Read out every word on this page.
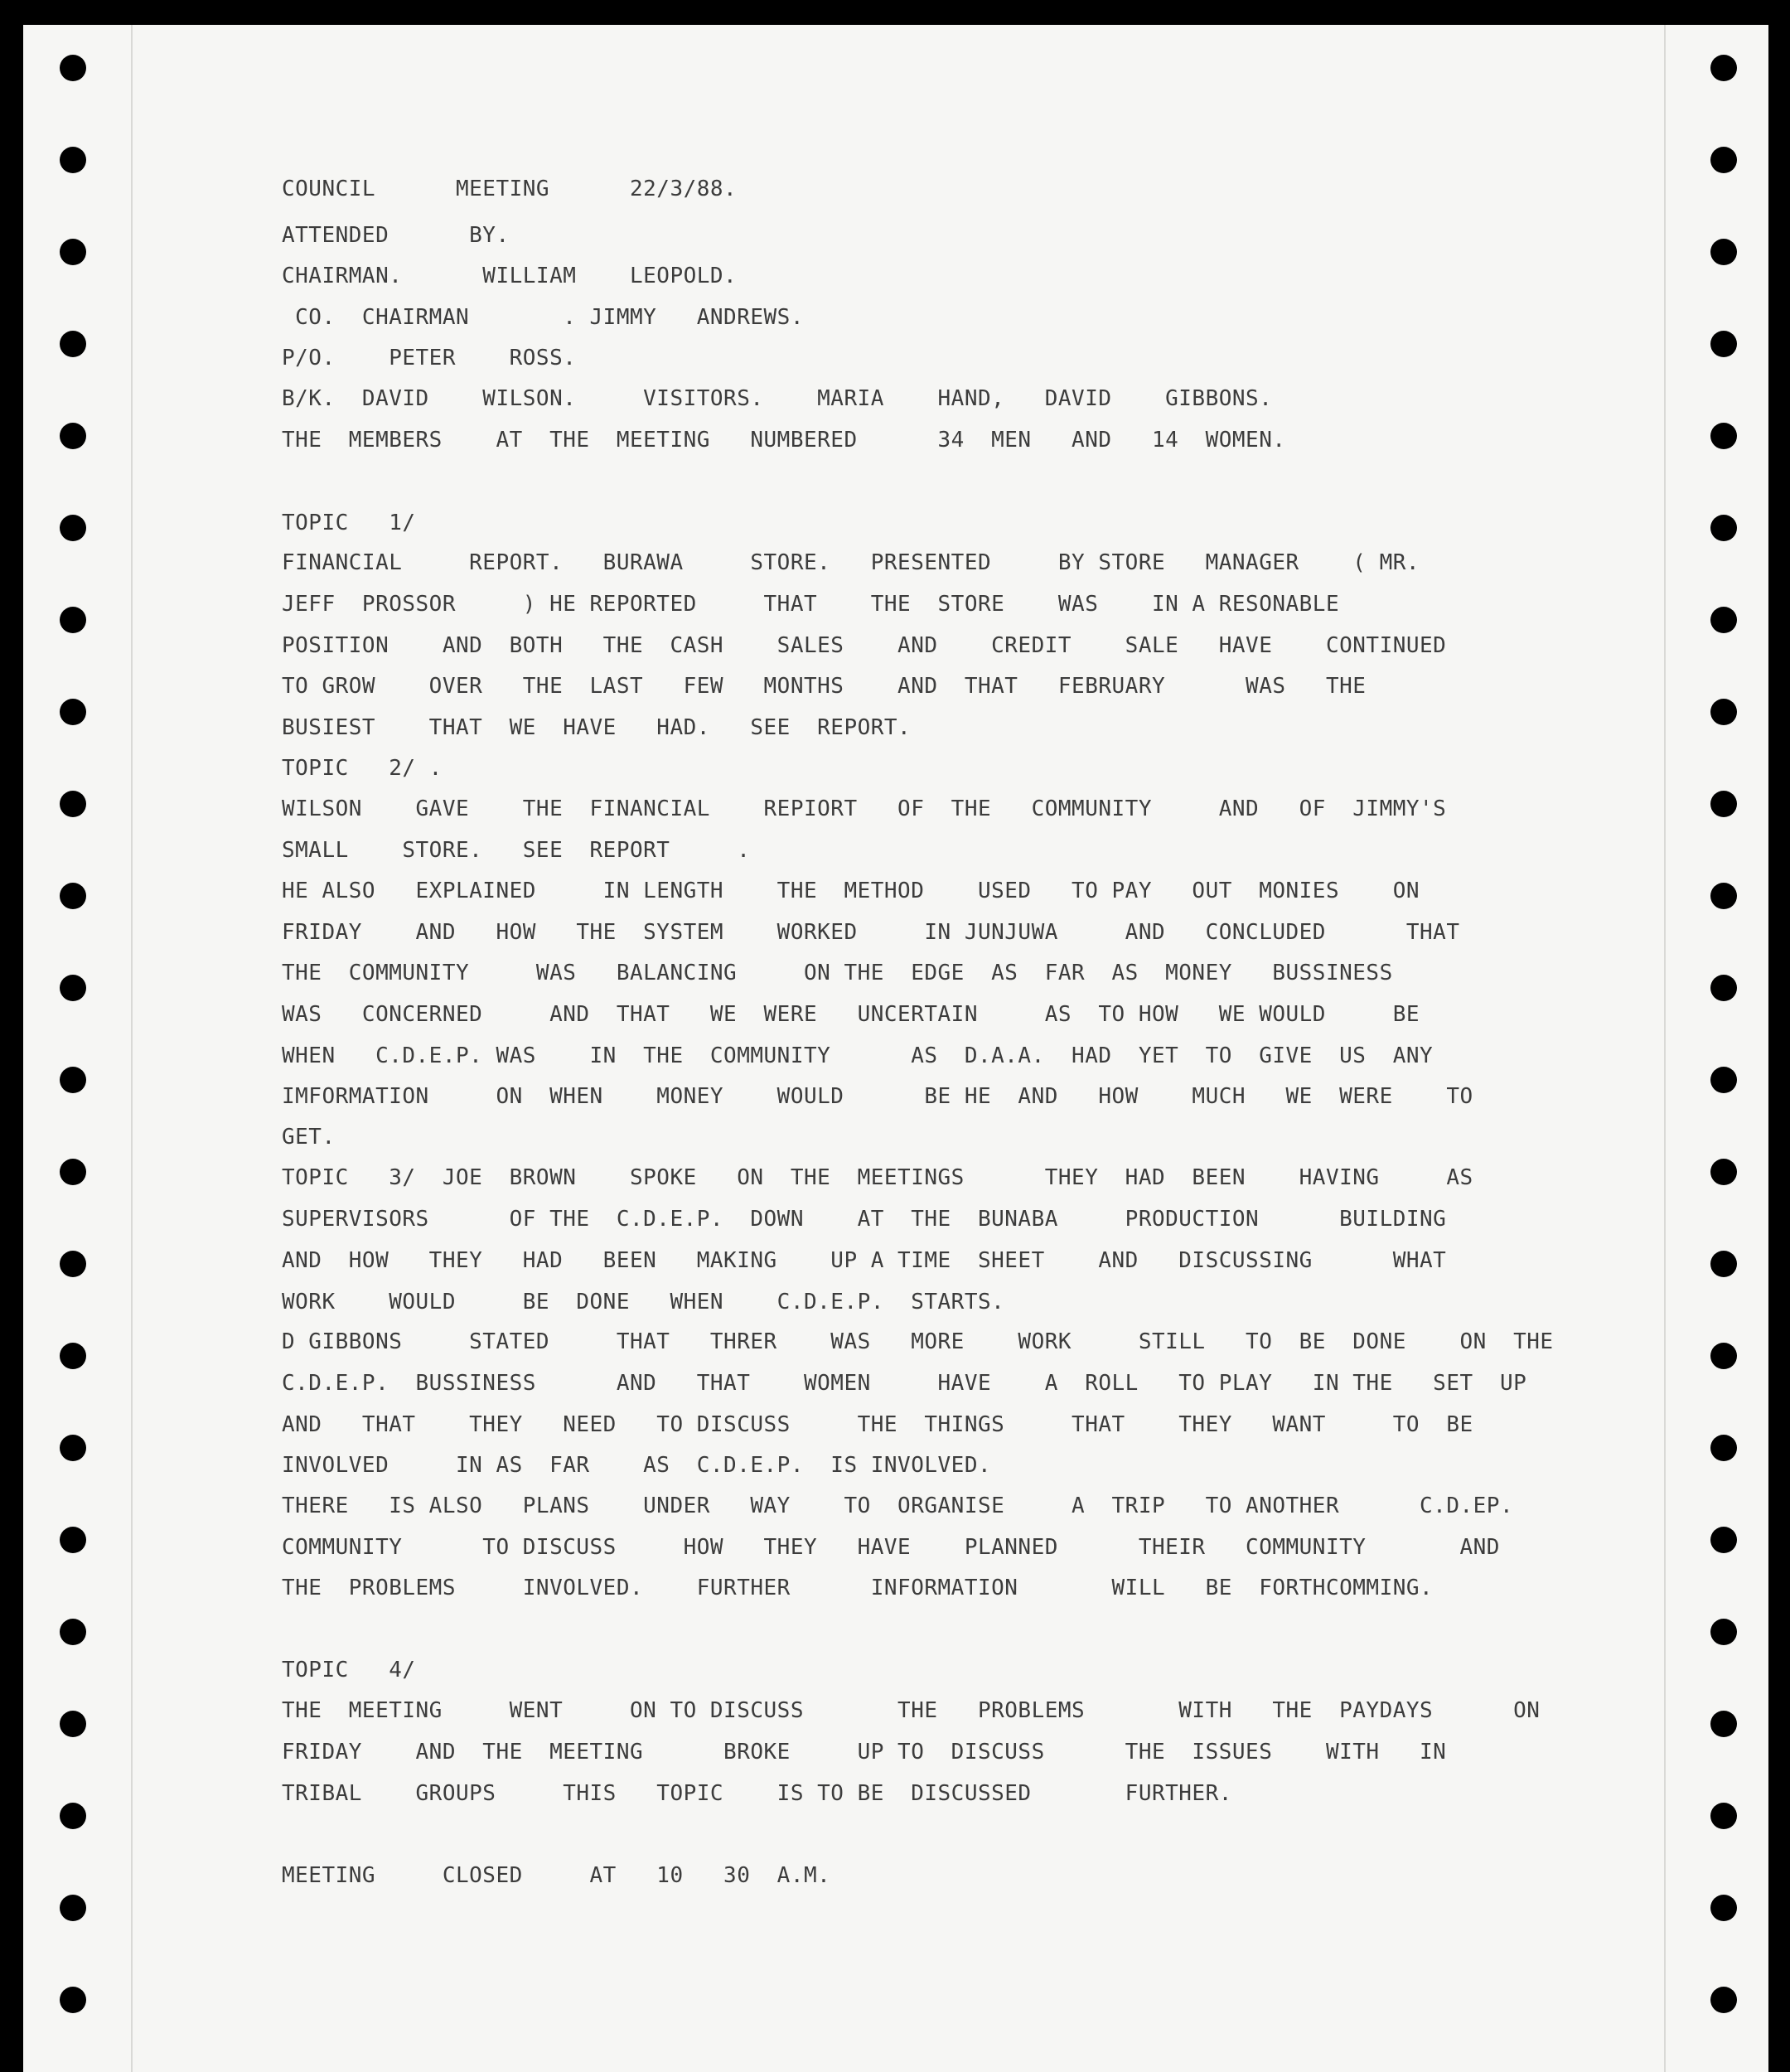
COUNCIL      MEETING      22/3/88.
ATTENDED      BY.
CHAIRMAN.      WILLIAM    LEOPOLD.
CO.  CHAIRMAN       . JIMMY   ANDREWS.
P/O.    PETER    ROSS.
B/K.  DAVID    WILSON.     VISITORS.    MARIA    HAND,   DAVID    GIBBONS.
THE  MEMBERS    AT  THE  MEETING   NUMBERED      34  MEN   AND   14  WOMEN.
TOPIC   1/
FINANCIAL     REPORT.   BURAWA     STORE.   PRESENTED     BY STORE   MANAGER    ( MR.
JEFF  PROSSOR     ) HE REPORTED     THAT    THE  STORE    WAS    IN A RESONABLE
POSITION    AND  BOTH   THE  CASH    SALES    AND    CREDIT    SALE   HAVE    CONTINUED
TO GROW    OVER   THE  LAST   FEW   MONTHS    AND  THAT   FEBRUARY      WAS   THE
BUSIEST    THAT  WE  HAVE   HAD.   SEE  REPORT.
TOPIC   2/ .
WILSON    GAVE    THE  FINANCIAL    REPIORT   OF  THE   COMMUNITY     AND   OF  JIMMY'S
SMALL    STORE.   SEE  REPORT     .
HE ALSO   EXPLAINED     IN LENGTH    THE  METHOD    USED   TO PAY   OUT  MONIES    ON
FRIDAY    AND   HOW   THE  SYSTEM    WORKED     IN JUNJUWA     AND   CONCLUDED      THAT
THE  COMMUNITY     WAS   BALANCING     ON THE  EDGE  AS  FAR  AS  MONEY   BUSSINESS
WAS   CONCERNED     AND  THAT   WE  WERE   UNCERTAIN     AS  TO HOW   WE WOULD     BE
WHEN   C.D.E.P. WAS    IN  THE  COMMUNITY      AS  D.A.A.  HAD  YET  TO  GIVE  US  ANY
IMFORMATION     ON  WHEN    MONEY    WOULD      BE HE  AND   HOW    MUCH   WE  WERE    TO
GET.
TOPIC   3/  JOE  BROWN    SPOKE   ON  THE  MEETINGS      THEY  HAD  BEEN    HAVING     AS
SUPERVISORS      OF THE  C.D.E.P.  DOWN    AT  THE  BUNABA     PRODUCTION      BUILDING
AND  HOW   THEY   HAD   BEEN   MAKING    UP A TIME  SHEET    AND   DISCUSSING      WHAT
WORK    WOULD     BE  DONE   WHEN    C.D.E.P.  STARTS.
D GIBBONS     STATED     THAT   THRER    WAS   MORE    WORK     STILL   TO  BE  DONE    ON  THE
C.D.E.P.  BUSSINESS      AND   THAT    WOMEN     HAVE    A  ROLL   TO PLAY   IN THE   SET  UP
AND   THAT    THEY   NEED   TO DISCUSS     THE  THINGS     THAT    THEY   WANT     TO  BE
INVOLVED     IN AS  FAR    AS  C.D.E.P.  IS INVOLVED.
THERE   IS ALSO   PLANS    UNDER   WAY    TO  ORGANISE     A  TRIP   TO ANOTHER      C.D.EP.
COMMUNITY      TO DISCUSS     HOW   THEY   HAVE    PLANNED      THEIR   COMMUNITY       AND
THE  PROBLEMS     INVOLVED.    FURTHER      INFORMATION       WILL   BE  FORTHCOMMING.
TOPIC   4/
THE  MEETING     WENT     ON TO DISCUSS       THE   PROBLEMS       WITH   THE  PAYDAYS      ON
FRIDAY    AND  THE  MEETING      BROKE     UP TO  DISCUSS      THE  ISSUES    WITH   IN
TRIBAL    GROUPS     THIS   TOPIC    IS TO BE  DISCUSSED       FURTHER.
MEETING     CLOSED     AT   10   30  A.M.
